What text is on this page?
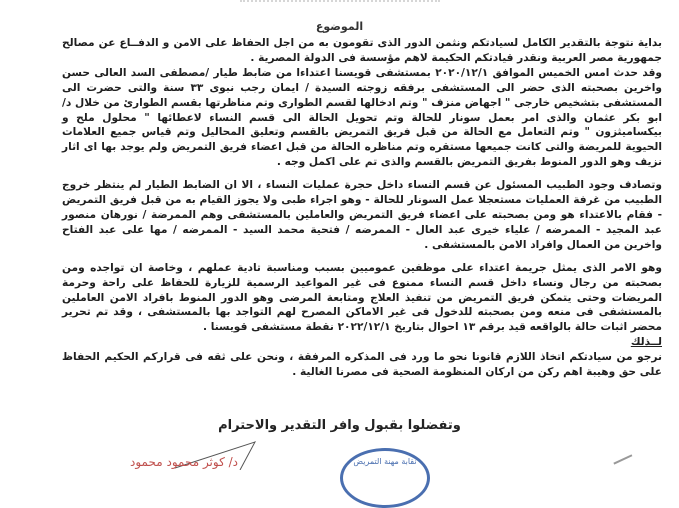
الموضوع

بداية نتوجة بالتقدير الكامل لسيادتكم ونثمن الدور الذى تقومون به من اجل الحفاظ على الامن و الدفــاع عن مصالح جمهورية مصر العربية ونقدر قيادتكم الحكيمة لاهم مؤسسة فى الدولة المصرية .

وقد حدث امس الخميس الموافق ٢٠٢٠/١٢/١ بمستشفى قويسنا اعتداءا من ضابط طيار /مصطفى السد العالى حسن واخرين بصحبته الذى حضر الى المستشفى برفقه زوجته السيدة / ايمان رجب نبوى ٣٣ سنة والتى حضرت الى المستشفى بتشخيص خارجى " اجهاض منزف " وتم ادخالها لقسم الطوارى وتم مناظرتها بقسم الطوارئ من خلال د/ ابو بكر عثمان والذى امر بعمل سونار للحالة وتم تحويل الحالة الى قسم النساء لاعطائها " محلول ملح و بيكساميثزون " وتم التعامل مع الحالة من قبل فريق التمريض بالقسم وتعليق المحاليل وتم قياس جميع العلامات الحيوية للمريضة والتى كانت جميعها مستقره وتم مناظره الحالة من قبل اعضاء فريق التمريض ولم يوجد بها اى اثار نزيف وهو الدور المنوط بفريق التمريض بالقسم والذى تم على اكمل وجه .

وتصادف وجود الطبيب المسئول عن قسم النساء داخل حجرة عمليات النساء ، الا ان الضابط الطيار لم ينتظر خروج الطبيب من غرفة العمليات مستعجلا عمل السونار للحالة - وهو اجراء طبى ولا يجوز القيام به من قبل فريق التمريض - فقام بالاعتداء هو ومن بصحبته على اعضاء فريق التمريض والعاملين بالمستشفى وهم الممرضة / نورهان منصور عبد المجيد - الممرضه / علياء خيرى عبد العال - الممرضه / فتحية محمد السيد - الممرضه / مها على عبد الفتاح واخرين من العمال وافراد الامن بالمستشفى .

وهو الامر الذى يمثل جريمة اعتداء على موظفين عموميين بسبب ومناسبة تادية عملهم ، وخاصة ان تواجده ومن بصحبته من رجال ونساء داخل قسم النساء ممنوع فى غير المواعيد الرسمية للزيارة للحفاظ على راحة وحرمة المريضات وحتى يتمكن فريق التمريض من تنفيذ العلاج ومتابعة المرضى وهو الدور المنوط بافراد الامن العاملين بالمستشفى فى منعه ومن بصحبته للدخول فى غير الاماكن المصرح لهم التواجد بها بالمستشفى ، وقد تم تحرير محضر اثبات حالة بالواقعه قيد برقم ١٣ احوال بتاريخ ٢٠٢٢/١٢/١ نقطة مستشفى قويسنا .

لــذلك

نرجو من سيادتكم اتخاذ اللازم قانونا نحو ما ورد فى المذكره المرفقة ، ونحن على ثقه فى قراركم الحكيم الحفاظ على حق وهيبة اهم ركن من اركان المنظومة الصحية فى مصرنا الغالية .

وتفضلوا بقبول وافر التقدير والاحترام
د/ كوثر محمود محمود	نقابة مهنة التمريض
